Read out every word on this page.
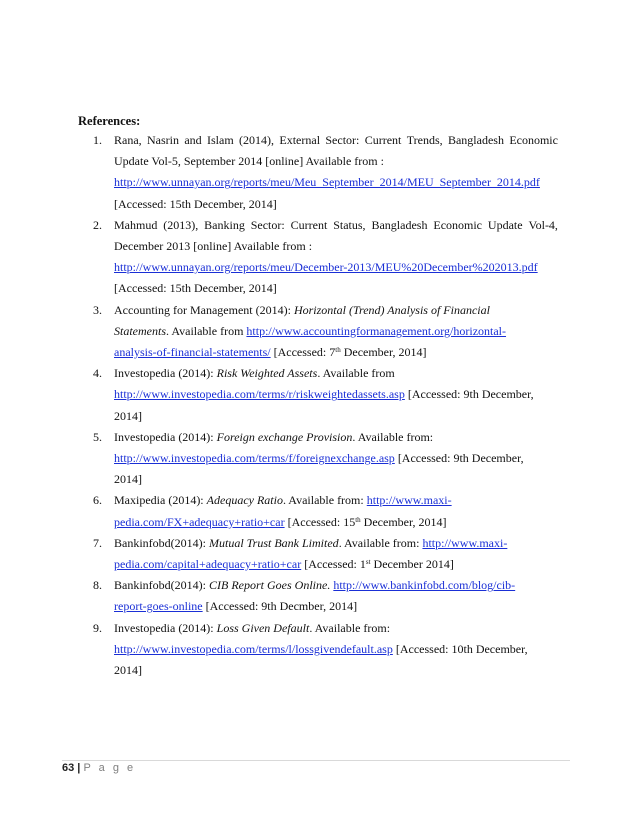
References:
1. Rana, Nasrin and Islam (2014), External Sector: Current Trends, Bangladesh Economic
Update Vol-5, September 2014 [online] Available from :
http://www.unnayan.org/reports/meu/Meu_September_2014/MEU_September_2014.pdf
[Accessed: 15th December, 2014]
2. Mahmud (2013), Banking Sector: Current Status, Bangladesh Economic Update Vol-4,
December 2013 [online] Available from :
http://www.unnayan.org/reports/meu/December-2013/MEU%20December%202013.pdf
[Accessed: 15th December, 2014]
3. Accounting for Management (2014): Horizontal (Trend) Analysis of Financial
Statements. Available from http://www.accountingformanagement.org/horizontal-
analysis-of-financial-statements/ [Accessed: 7th December, 2014]
4. Investopedia (2014): Risk Weighted Assets. Available from
http://www.investopedia.com/terms/r/riskweightedassets.asp [Accessed: 9th December,
2014]
5. Investopedia (2014): Foreign exchange Provision. Available from:
http://www.investopedia.com/terms/f/foreignexchange.asp [Accessed: 9th December,
2014]
6. Maxipedia (2014): Adequacy Ratio. Available from: http://www.maxi-
pedia.com/FX+adequacy+ratio+car [Accessed: 15th December, 2014]
7. Bankinfobd(2014): Mutual Trust Bank Limited. Available from: http://www.maxi-
pedia.com/capital+adequacy+ratio+car [Accessed: 1st December 2014]
8. Bankinfobd(2014): CIB Report Goes Online. http://www.bankinfobd.com/blog/cib-
report-goes-online [Accessed: 9th Decmber, 2014]
9. Investopedia (2014): Loss Given Default. Available from:
http://www.investopedia.com/terms/l/lossgivendefault.asp [Accessed: 10th December,
2014]
63 | P a g e
